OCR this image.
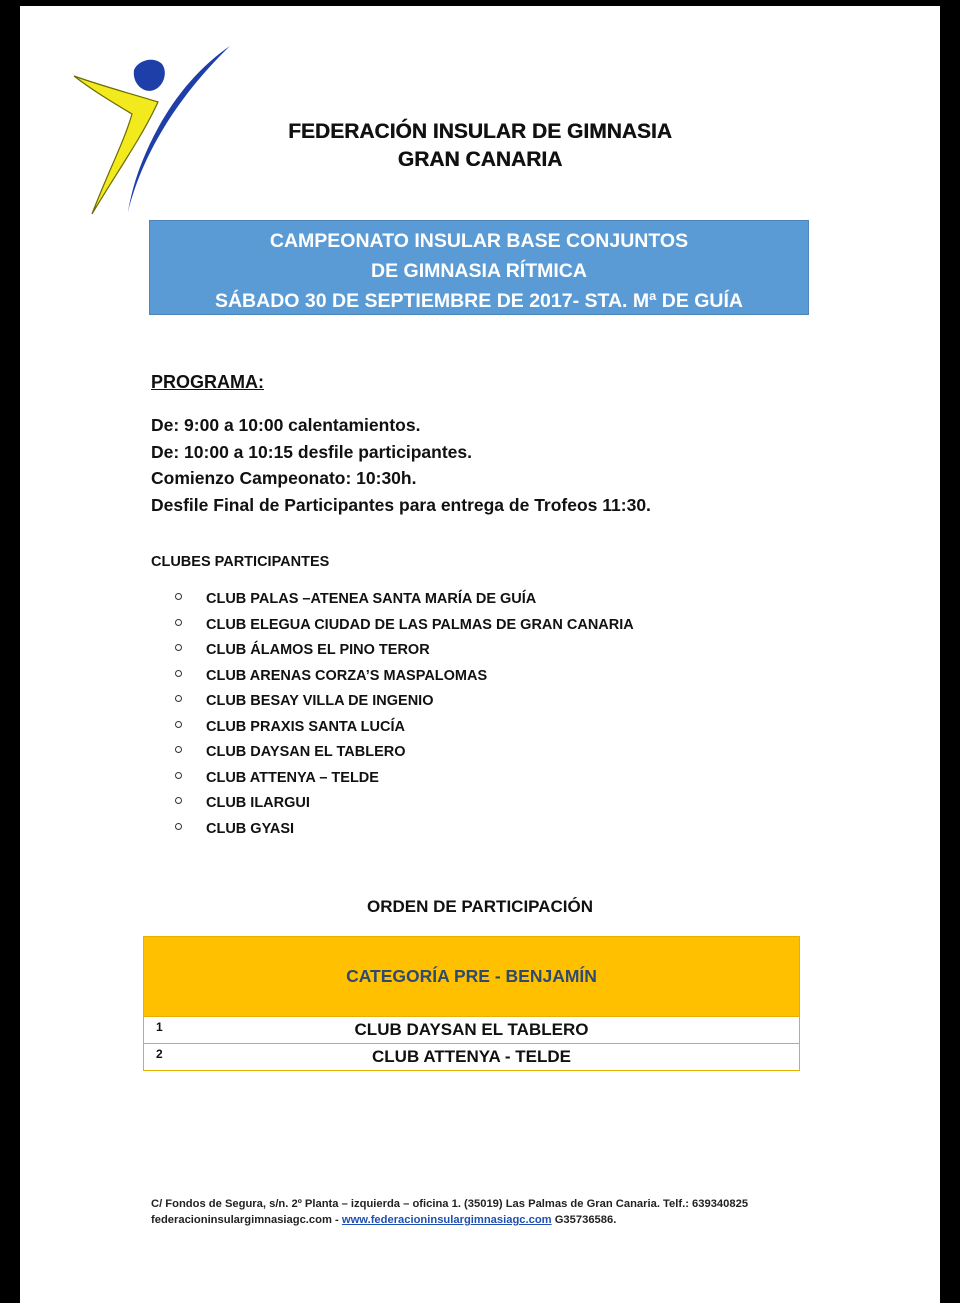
FEDERACIÓN INSULAR DE GIMNASIA
GRAN CANARIA
CAMPEONATO INSULAR BASE CONJUNTOS
DE GIMNASIA RÍTMICA
SÁBADO 30 DE SEPTIEMBRE DE 2017- STA. Mª DE GUÍA
PROGRAMA:
De: 9:00 a 10:00 calentamientos.
De: 10:00 a 10:15 desfile participantes.
Comienzo Campeonato: 10:30h.
Desfile Final de Participantes para entrega de Trofeos 11:30.
CLUBES PARTICIPANTES
CLUB PALAS –ATENEA SANTA MARÍA DE GUÍA
CLUB ELEGUA CIUDAD DE LAS PALMAS DE GRAN CANARIA
CLUB ÁLAMOS EL PINO TEROR
CLUB ARENAS CORZA’S MASPALOMAS
CLUB BESAY VILLA DE INGENIO
CLUB PRAXIS SANTA LUCÍA
CLUB DAYSAN EL TABLERO
CLUB ATTENYA – TELDE
CLUB ILARGUI
CLUB GYASI
ORDEN DE PARTICIPACIÓN
CATEGORÍA PRE - BENJAMÍN
1	CLUB DAYSAN EL TABLERO
2	CLUB ATTENYA - TELDE
C/ Fondos de Segura, s/n. 2º Planta – izquierda – oficina 1. (35019) Las Palmas de Gran Canaria. Telf.: 639340825
federacioninsulargimnasiagc.com - www.federacioninsulargimnasiagc.com G35736586.
